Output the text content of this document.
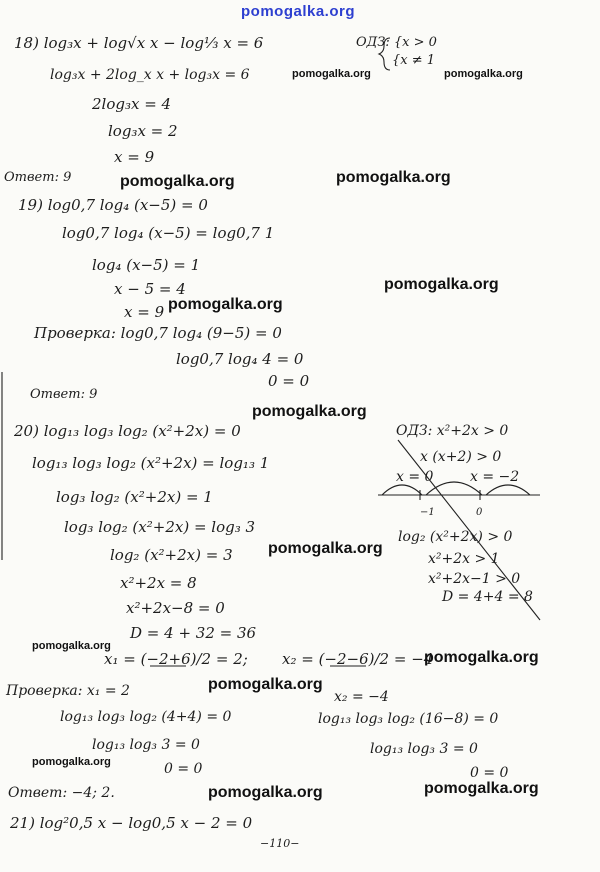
pomogalka.org
18) log₃x + log√x x − log⅓ x = 6	ОДЗ: {x > 0
{x ≠ 1
log₃x + 2log_x x + log₃x = 6
2log₃x = 4
log₃x = 2
x = 9
Ответ: 9
19) log0,7 log₄ (x−5) = 0
log0,7 log₄ (x−5) = log0,7 1
log₄ (x−5) = 1
x − 5 = 4
x = 9
Проверка: log0,7 log₄ (9−5) = 0
log0,7 log₄ 4 = 0
0 = 0
Ответ: 9
20) log₁₃ log₃ log₂ (x²+2x) = 0
log₁₃ log₃ log₂ (x²+2x) = log₁₃ 1
log₃ log₂ (x²+2x) = 1
log₃ log₂ (x²+2x) = log₃ 3
log₂ (x²+2x) = 3
x²+2x = 8
x²+2x−8 = 0
D = 4 + 32 = 36
x₁ = (−2+6)/2 = 2; x₂ = (−2−6)/2 = −4
ОДЗ: x²+2x > 0
x (x+2) > 0
x = 0	x = −2
−1	0
log₂ (x²+2x) > 0
x²+2x > 1
x²+2x−1 > 0
D = 4+4 = 8
Проверка: x₁ = 2	x₂ = −4
log₁₃ log₃ log₂ (4+4) = 0
log₁₃ log₃ 3 = 0
0 = 0
log₁₃ log₃ log₂ (16−8) = 0
log₁₃ log₃ 3 = 0
0 = 0
Ответ: −4; 2.
21) log²0,5 x − log0,5 x − 2 = 0
−110−
pomogalka.org	pomogalka.org
pomogalka.org	pomogalka.org
pomogalka.org
pomogalka.org
pomogalka.org
pomogalka.org
pomogalka.org
pomogalka.org
pomogalka.org
pomogalka.org
pomogalka.org	pomogalka.org
